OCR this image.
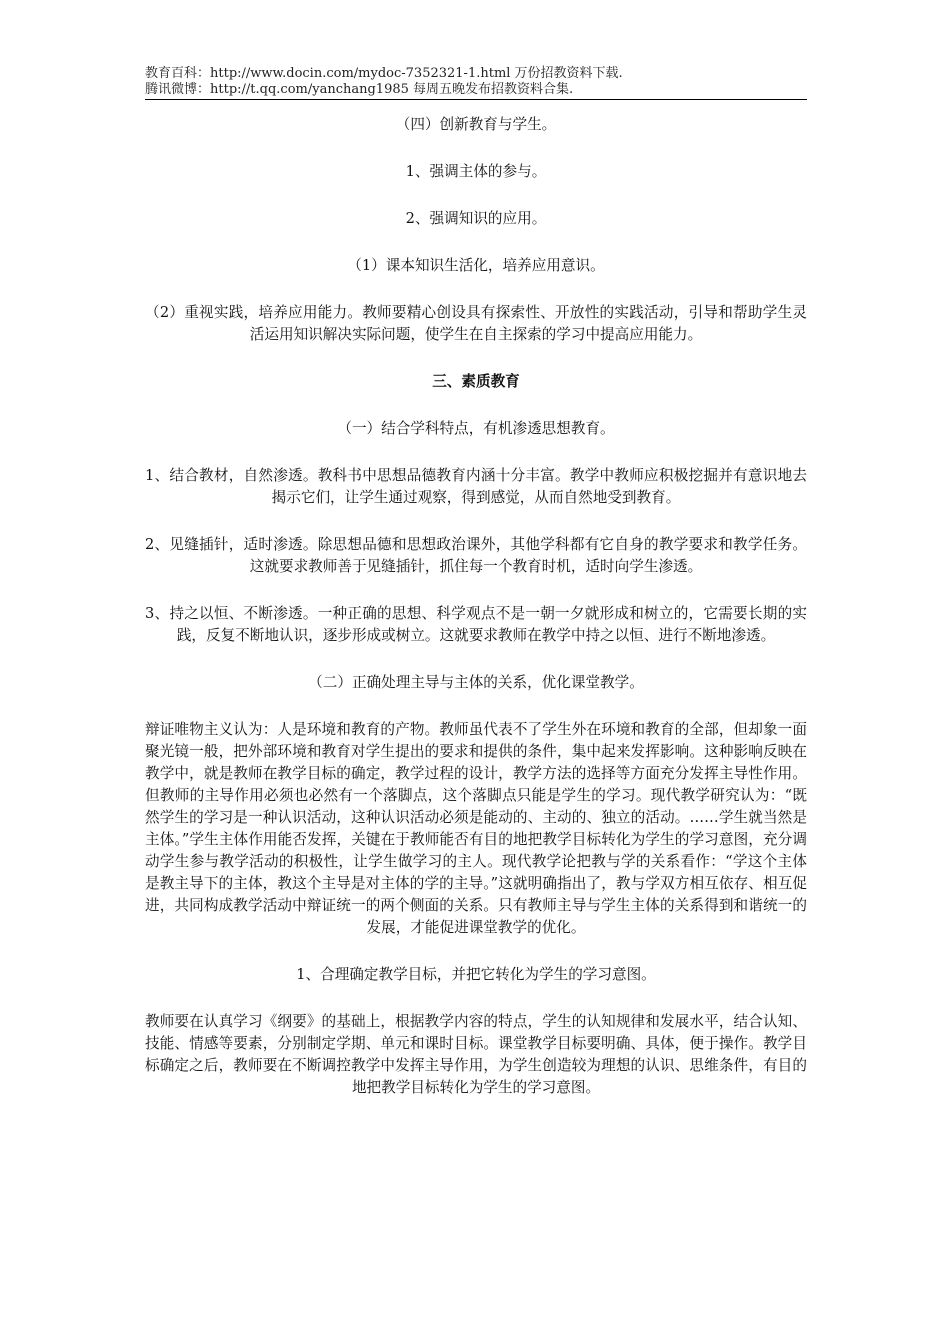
教育百科：http://www.docin.com/mydoc-7352321-1.html 万份招教资料下载.
腾讯微博：http://t.qq.com/yanchang1985 每周五晚发布招教资料合集.
（四）创新教育与学生。
1、强调主体的参与。
2、强调知识的应用。
（1）课本知识生活化，培养应用意识。
（2）重视实践，培养应用能力。教师要精心创设具有探索性、开放性的实践活动，引导和帮助学生灵活运用知识解决实际问题，使学生在自主探索的学习中提高应用能力。
三、素质教育
（一）结合学科特点，有机渗透思想教育。
1、结合教材，自然渗透。教科书中思想品德教育内涵十分丰富。教学中教师应积极挖掘并有意识地去揭示它们，让学生通过观察，得到感觉，从而自然地受到教育。
2、见缝插针，适时渗透。除思想品德和思想政治课外，其他学科都有它自身的教学要求和教学任务。这就要求教师善于见缝插针，抓住每一个教育时机，适时向学生渗透。
3、持之以恒、不断渗透。一种正确的思想、科学观点不是一朝一夕就形成和树立的，它需要长期的实践，反复不断地认识，逐步形成或树立。这就要求教师在教学中持之以恒、进行不断地渗透。
（二）正确处理主导与主体的关系，优化课堂教学。
辩证唯物主义认为：人是环境和教育的产物。教师虽代表不了学生外在环境和教育的全部，但却象一面聚光镜一般，把外部环境和教育对学生提出的要求和提供的条件，集中起来发挥影响。这种影响反映在教学中，就是教师在教学目标的确定，教学过程的设计，教学方法的选择等方面充分发挥主导性作用。但教师的主导作用必须也必然有一个落脚点，这个落脚点只能是学生的学习。现代教学研究认为：“既然学生的学习是一种认识活动，这种认识活动必须是能动的、主动的、独立的活动。……学生就当然是主体。”学生主体作用能否发挥，关键在于教师能否有目的地把教学目标转化为学生的学习意图，充分调动学生参与教学活动的积极性，让学生做学习的主人。现代教学论把教与学的关系看作：“学这个主体是教主导下的主体，教这个主导是对主体的学的主导。”这就明确指出了，教与学双方相互依存、相互促进，共同构成教学活动中辩证统一的两个侧面的关系。只有教师主导与学生主体的关系得到和谐统一的发展，才能促进课堂教学的优化。
1、合理确定教学目标，并把它转化为学生的学习意图。
教师要在认真学习《纲要》的基础上，根据教学内容的特点，学生的认知规律和发展水平，结合认知、技能、情感等要素，分别制定学期、单元和课时目标。课堂教学目标要明确、具体，便于操作。教学目标确定之后，教师要在不断调控教学中发挥主导作用，为学生创造较为理想的认识、思维条件，有目的地把教学目标转化为学生的学习意图。
